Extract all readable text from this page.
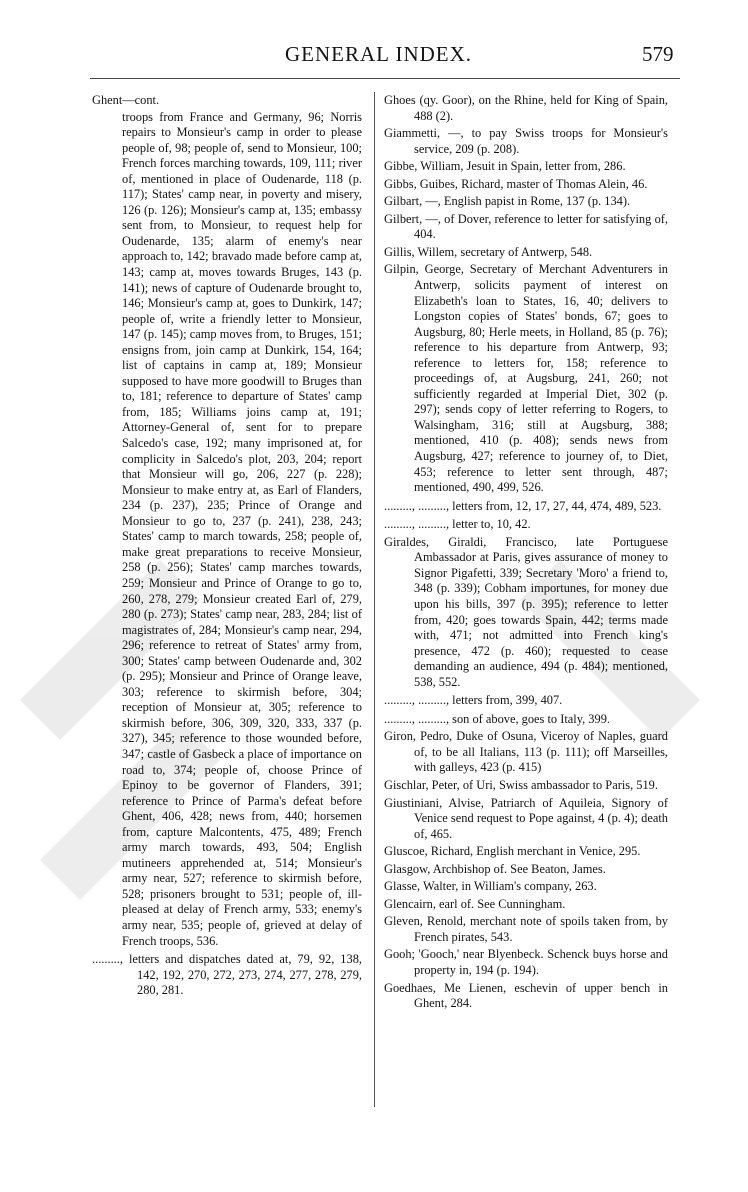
GENERAL INDEX.	579

Ghent—cont.

troops from France and Germany, 96; Norris repairs to Monsieur's camp in order to please people of, 98; people of, send to Monsieur, 100; French forces marching towards, 109, 111; river of, mentioned in place of Oudenarde, 118 (p. 117); States' camp near, in poverty and misery, 126 (p. 126); Monsieur's camp at, 135; embassy sent from, to Monsieur, to request help for Oudenarde, 135; alarm of enemy's near approach to, 142; bravado made before camp at, 143; camp at, moves towards Bruges, 143 (p. 141); news of capture of Oudenarde brought to, 146; Monsieur's camp at, goes to Dunkirk, 147; people of, write a friendly letter to Monsieur, 147 (p. 145); camp moves from, to Bruges, 151; ensigns from, join camp at Dunkirk, 154, 164; list of captains in camp at, 189; Monsieur supposed to have more goodwill to Bruges than to, 181; reference to departure of States' camp from, 185; Williams joins camp at, 191; Attorney-General of, sent for to prepare Salcedo's case, 192; many imprisoned at, for complicity in Salcedo's plot, 203, 204; report that Monsieur will go, 206, 227 (p. 228); Monsieur to make entry at, as Earl of Flanders, 234 (p. 237), 235; Prince of Orange and Monsieur to go to, 237 (p. 241), 238, 243; States' camp to march towards, 258; people of, make great preparations to receive Monsieur, 258 (p. 256); States' camp marches towards, 259; Monsieur and Prince of Orange to go to, 260, 278, 279; Monsieur created Earl of, 279, 280 (p. 273); States' camp near, 283, 284; list of magistrates of, 284; Monsieur's camp near, 294, 296; reference to retreat of States' army from, 300; States' camp between Oudenarde and, 302 (p. 295); Monsieur and Prince of Orange leave, 303; reference to skirmish before, 304; reception of Monsieur at, 305; reference to skirmish before, 306, 309, 320, 333, 337 (p. 327), 345; reference to those wounded before, 347; castle of Gasbeck a place of importance on road to, 374; people of, choose Prince of Epinoy to be governor of Flanders, 391; reference to Prince of Parma's defeat before Ghent, 406, 428; news from, 440; horsemen from, capture Malcontents, 475, 489; French army march towards, 493, 504; English mutineers apprehended at, 514; Monsieur's army near, 527; reference to skirmish before, 528; prisoners brought to 531; people of, ill-pleased at delay of French army, 533; enemy's army near, 535; people of, grieved at delay of French troops, 536.

........., letters and dispatches dated at, 79, 92, 138, 142, 192, 270, 272, 273, 274, 277, 278, 279, 280, 281.

Ghoes (qy. Goor), on the Rhine, held for King of Spain, 488 (2).

Giammetti, —, to pay Swiss troops for Monsieur's service, 209 (p. 208).

Gibbe, William, Jesuit in Spain, letter from, 286.

Gibbs, Guibes, Richard, master of Thomas Alein, 46.

Gilbart, —, English papist in Rome, 137 (p. 134).

Gilbert, —, of Dover, reference to letter for satisfying of, 404.

Gillis, Willem, secretary of Antwerp, 548.

Gilpin, George, Secretary of Merchant Adventurers in Antwerp, solicits payment of interest on Elizabeth's loan to States, 16, 40; delivers to Longston copies of States' bonds, 67; goes to Augsburg, 80; Herle meets, in Holland, 85 (p. 76); reference to his departure from Antwerp, 93; reference to letters for, 158; reference to proceedings of, at Augsburg, 241, 260; not sufficiently regarded at Imperial Diet, 302 (p. 297); sends copy of letter referring to Rogers, to Walsingham, 316; still at Augsburg, 388; mentioned, 410 (p. 408); sends news from Augsburg, 427; reference to journey of, to Diet, 453; reference to letter sent through, 487; mentioned, 490, 499, 526.

........., ........., letters from, 12, 17, 27, 44, 474, 489, 523.

........., ........., letter to, 10, 42.

Giraldes, Giraldi, Francisco, late Portuguese Ambassador at Paris, gives assurance of money to Signor Pigafetti, 339; Secretary 'Moro' a friend to, 348 (p. 339); Cobham importunes, for money due upon his bills, 397 (p. 395); reference to letter from, 420; goes towards Spain, 442; terms made with, 471; not admitted into French king's presence, 472 (p. 460); requested to cease demanding an audience, 494 (p. 484); mentioned, 538, 552.

........., ........., letters from, 399, 407.

........., ........., son of above, goes to Italy, 399.

Giron, Pedro, Duke of Osuna, Viceroy of Naples, guard of, to be all Italians, 113 (p. 111); off Marseilles, with galleys, 423 (p. 415)

Gischlar, Peter, of Uri, Swiss ambassador to Paris, 519.

Giustiniani, Alvise, Patriarch of Aquileia, Signory of Venice send request to Pope against, 4 (p. 4); death of, 465.

Gluscoe, Richard, English merchant in Venice, 295.

Glasgow, Archbishop of. See Beaton, James.

Glasse, Walter, in William's company, 263.

Glencairn, earl of. See Cunningham.

Gleven, Renold, merchant note of spoils taken from, by French pirates, 543.

Gooh; 'Gooch,' near Blyenbeck. Schenck buys horse and property in, 194 (p. 194).

Goedhaes, Me Lienen, eschevin of upper bench in Ghent, 284.
